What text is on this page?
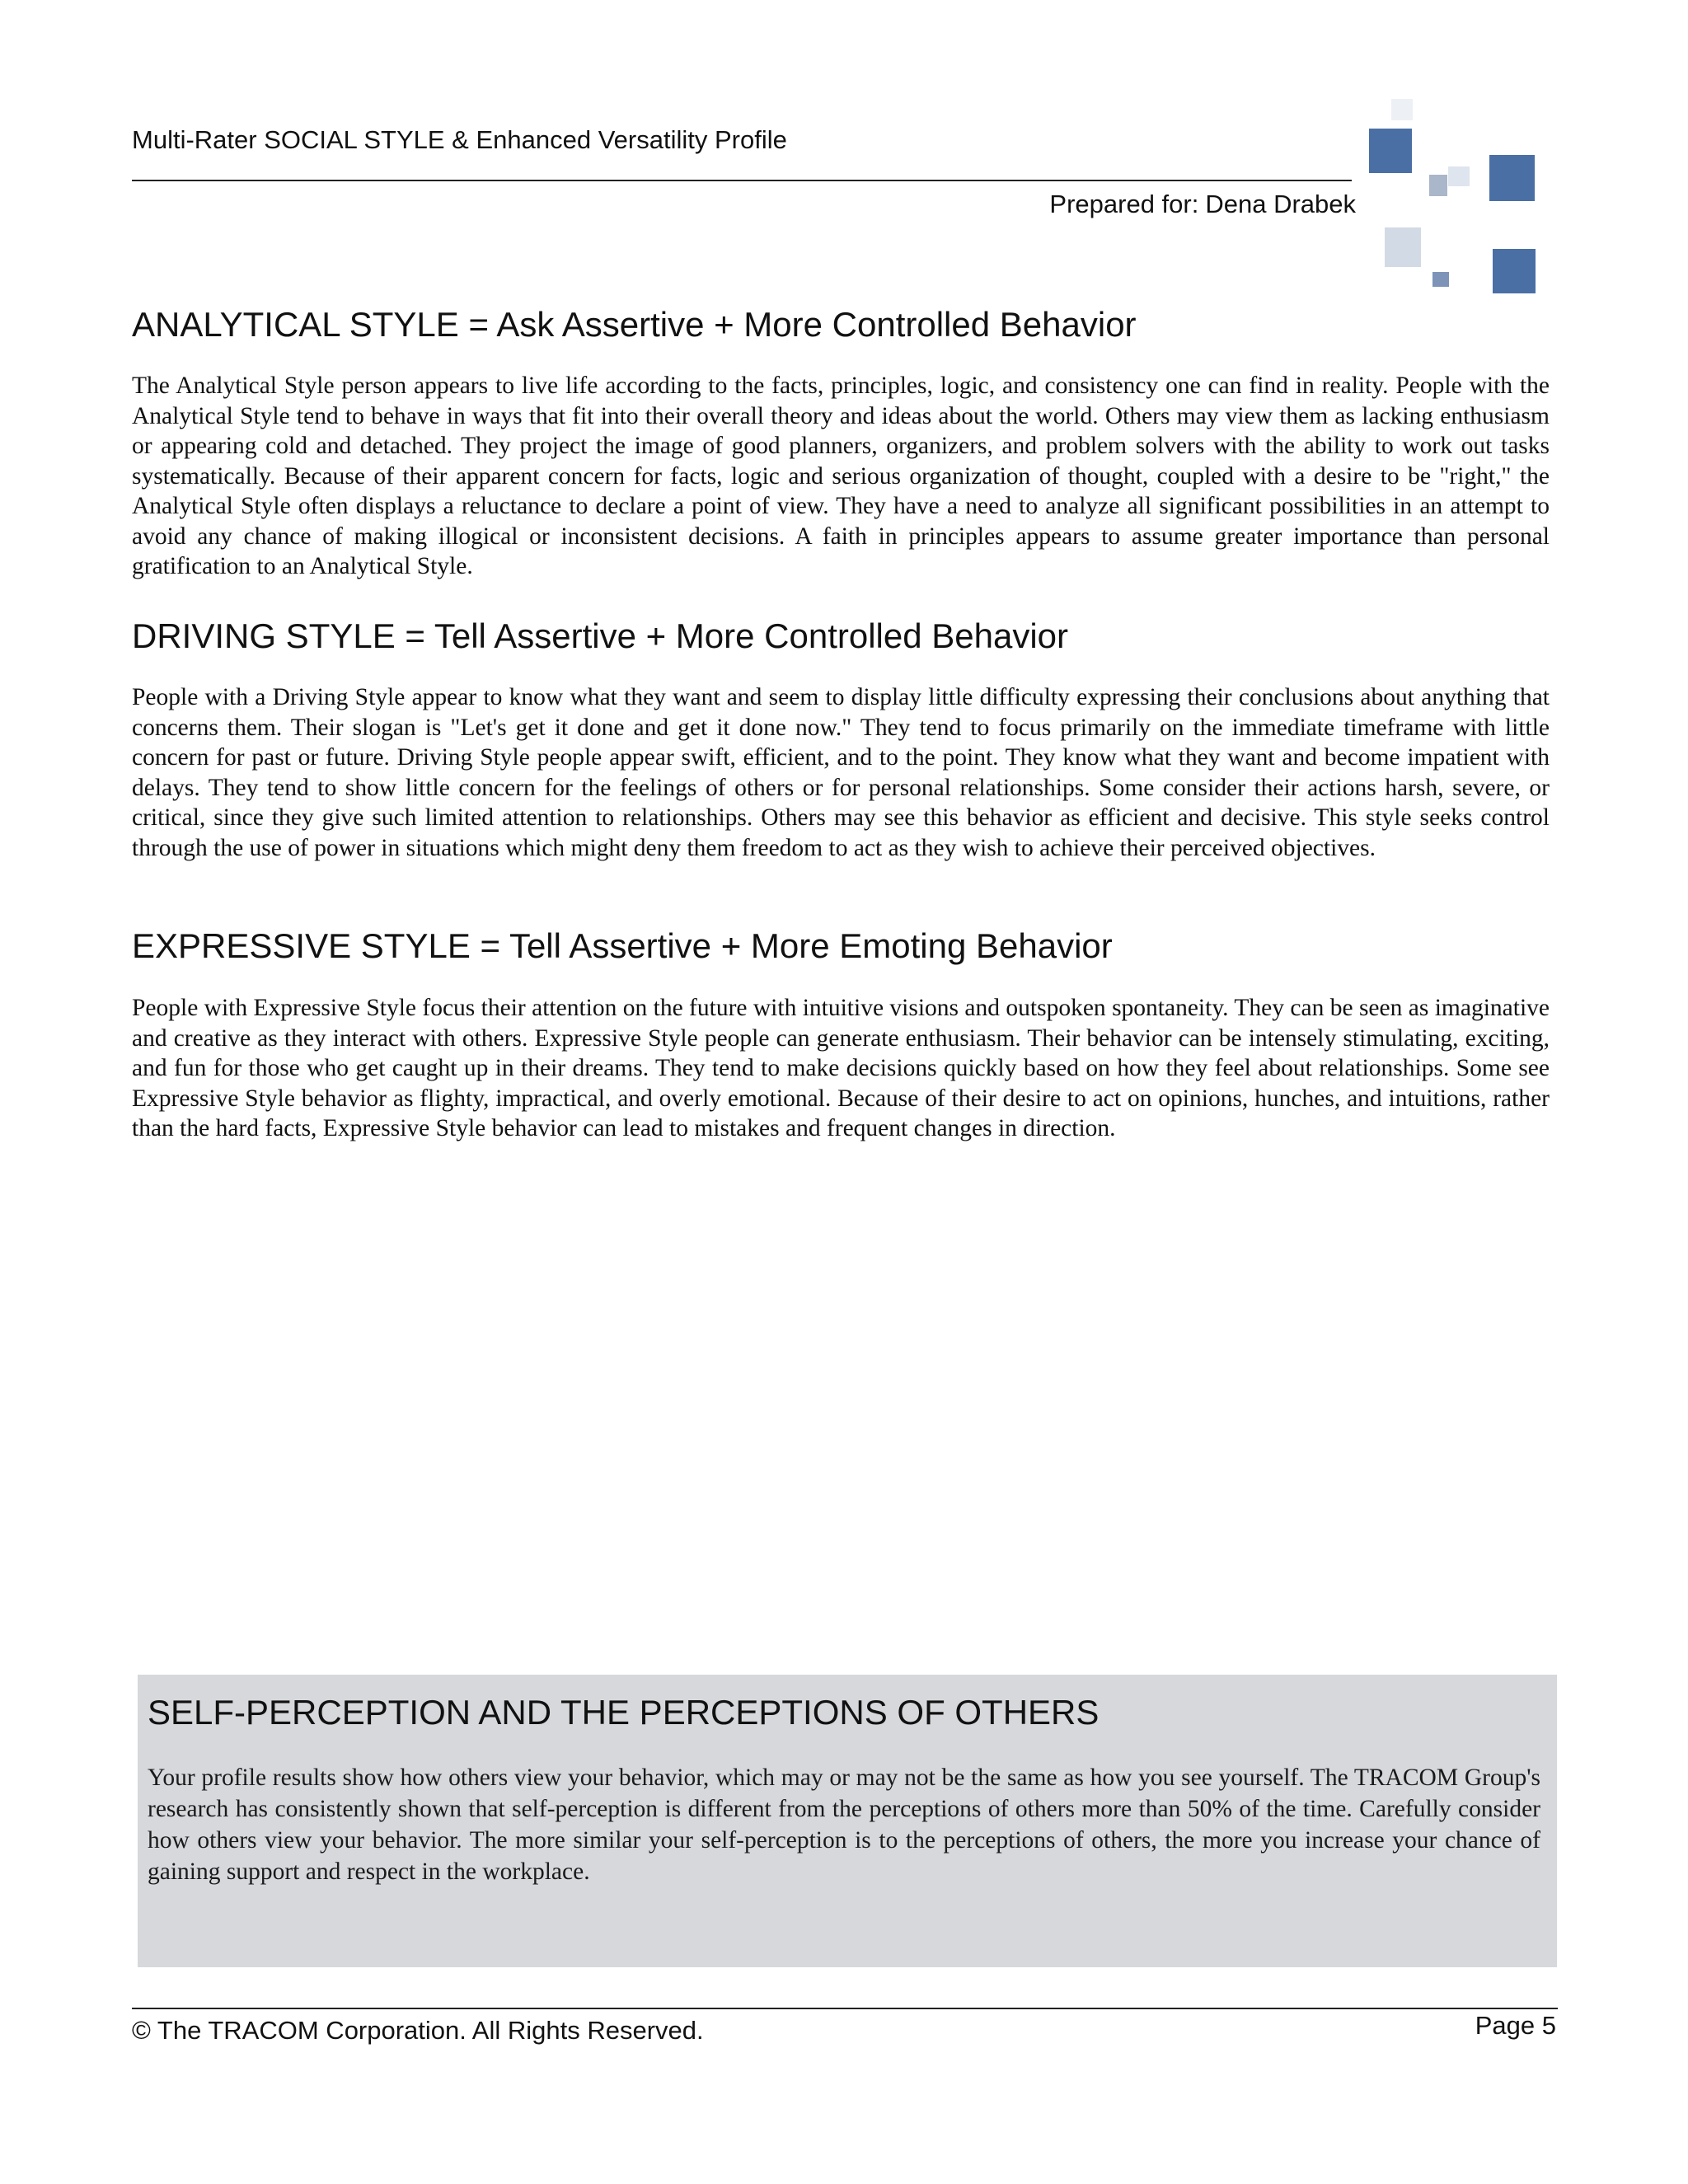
Multi-Rater SOCIAL STYLE & Enhanced Versatility Profile
Prepared for: Dena Drabek
ANALYTICAL STYLE = Ask Assertive + More Controlled Behavior
The Analytical Style person appears to live life according to the facts, principles, logic, and consistency one can find in reality. People with the Analytical Style tend to behave in ways that fit into their overall theory and ideas about the world. Others may view them as lacking enthusiasm or appearing cold and detached. They project the image of good planners, organizers, and problem solvers with the ability to work out tasks systematically. Because of their apparent concern for facts, logic and serious organization of thought, coupled with a desire to be "right," the Analytical Style often displays a reluctance to declare a point of view. They have a need to analyze all significant possibilities in an attempt to avoid any chance of making illogical or inconsistent decisions. A faith in principles appears to assume greater importance than personal gratification to an Analytical Style.
DRIVING STYLE = Tell Assertive + More Controlled Behavior
People with a Driving Style appear to know what they want and seem to display little difficulty expressing their conclusions about anything that concerns them. Their slogan is "Let's get it done and get it done now." They tend to focus primarily on the immediate timeframe with little concern for past or future. Driving Style people appear swift, efficient, and to the point. They know what they want and become impatient with delays. They tend to show little concern for the feelings of others or for personal relationships. Some consider their actions harsh, severe, or critical, since they give such limited attention to relationships. Others may see this behavior as efficient and decisive. This style seeks control through the use of power in situations which might deny them freedom to act as they wish to achieve their perceived objectives.
EXPRESSIVE STYLE = Tell Assertive + More Emoting Behavior
People with Expressive Style focus their attention on the future with intuitive visions and outspoken spontaneity. They can be seen as imaginative and creative as they interact with others. Expressive Style people can generate enthusiasm. Their behavior can be intensely stimulating, exciting, and fun for those who get caught up in their dreams. They tend to make decisions quickly based on how they feel about relationships. Some see Expressive Style behavior as flighty, impractical, and overly emotional. Because of their desire to act on opinions, hunches, and intuitions, rather than the hard facts, Expressive Style behavior can lead to mistakes and frequent changes in direction.
SELF-PERCEPTION AND THE PERCEPTIONS OF OTHERS
Your profile results show how others view your behavior, which may or may not be the same as how you see yourself. The TRACOM Group's research has consistently shown that self-perception is different from the perceptions of others more than 50% of the time. Carefully consider how others view your behavior. The more similar your self-perception is to the perceptions of others, the more you increase your chance of gaining support and respect in the workplace.
© The TRACOM Corporation. All Rights Reserved.	Page 5
